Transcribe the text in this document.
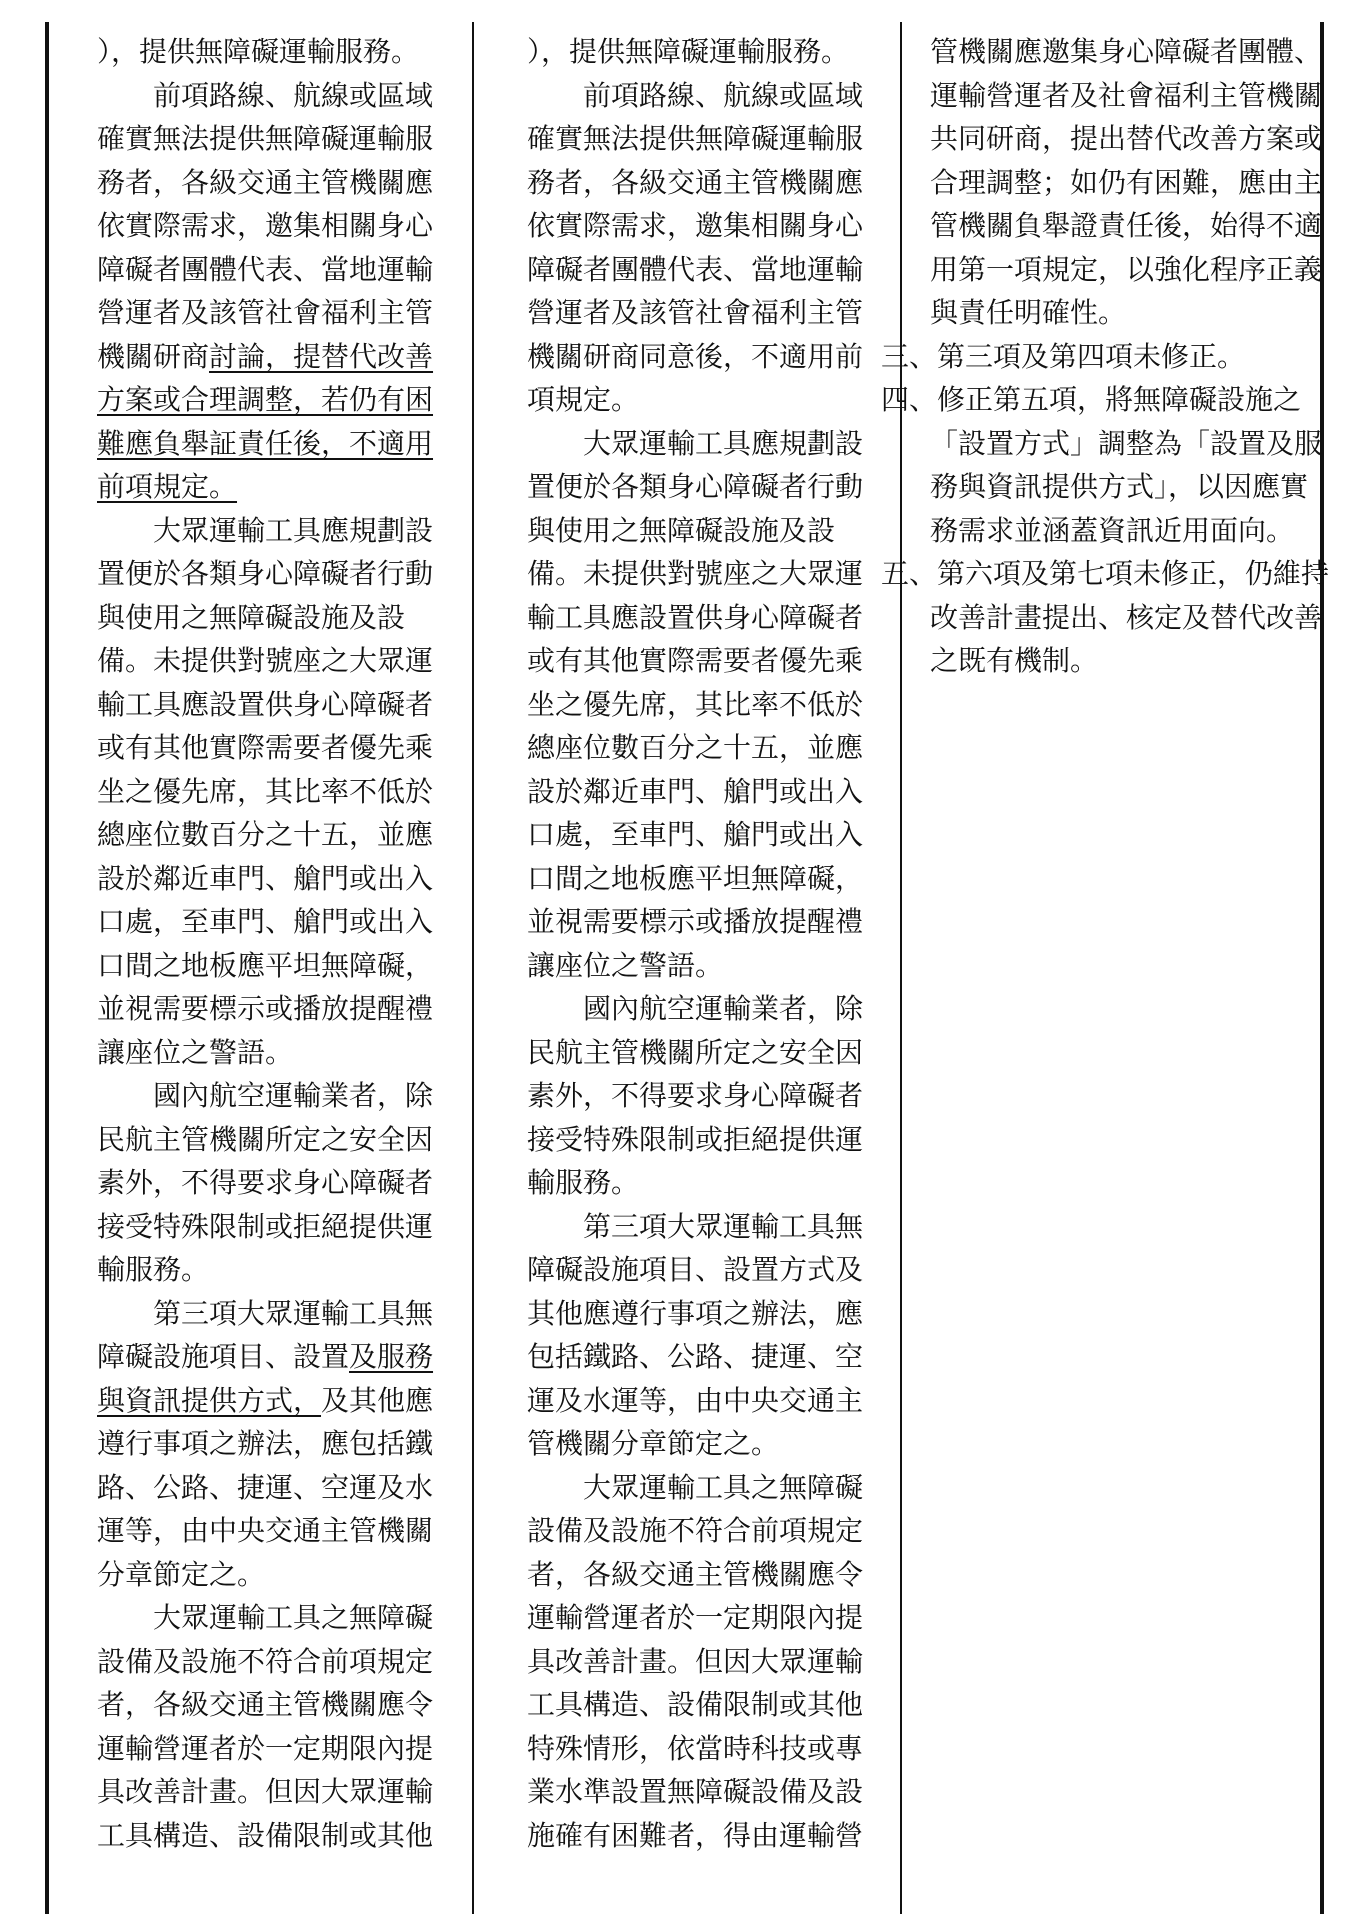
），提供無障礙運輸服務。

前項路線、航線或區域確實無法提供無障礙運輸服務者，各級交通主管機關應依實際需求，邀集相關身心障礙者團體代表、當地運輸營運者及該管社會福利主管機關研商討論，提替代改善方案或合理調整，若仍有困難應負舉証責任後，不適用前項規定。

大眾運輸工具應規劃設置便於各類身心障礙者行動與使用之無障礙設施及設備。未提供對號座之大眾運輸工具應設置供身心障礙者或有其他實際需要者優先乘坐之優先席，其比率不低於總座位數百分之十五，並應設於鄰近車門、艙門或出入口處，至車門、艙門或出入口間之地板應平坦無障礙，並視需要標示或播放提醒禮讓座位之警語。

國內航空運輸業者，除民航主管機關所定之安全因素外，不得要求身心障礙者接受特殊限制或拒絕提供運輸服務。

第三項大眾運輸工具無障礙設施項目、設置及服務與資訊提供方式，及其他應遵行事項之辦法，應包括鐵路、公路、捷運、空運及水運等，由中央交通主管機關分章節定之。

大眾運輸工具之無障礙設備及設施不符合前項規定者，各級交通主管機關應令運輸營運者於一定期限內提具改善計畫。但因大眾運輸工具構造、設備限制或其他

），提供無障礙運輸服務。

前項路線、航線或區域確實無法提供無障礙運輸服務者，各級交通主管機關應依實際需求，邀集相關身心障礙者團體代表、當地運輸營運者及該管社會福利主管機關研商同意後，不適用前項規定。

大眾運輸工具應規劃設置便於各類身心障礙者行動與使用之無障礙設施及設備。未提供對號座之大眾運輸工具應設置供身心障礙者或有其他實際需要者優先乘坐之優先席，其比率不低於總座位數百分之十五，並應設於鄰近車門、艙門或出入口處，至車門、艙門或出入口間之地板應平坦無障礙，並視需要標示或播放提醒禮讓座位之警語。

國內航空運輸業者，除民航主管機關所定之安全因素外，不得要求身心障礙者接受特殊限制或拒絕提供運輸服務。

第三項大眾運輸工具無障礙設施項目、設置方式及其他應遵行事項之辦法，應包括鐵路、公路、捷運、空運及水運等，由中央交通主管機關分章節定之。

大眾運輸工具之無障礙設備及設施不符合前項規定者，各級交通主管機關應令運輸營運者於一定期限內提具改善計畫。但因大眾運輸工具構造、設備限制或其他特殊情形，依當時科技或專業水準設置無障礙設備及設施確有困難者，得由運輸營

管機關應邀集身心障礙者團體、運輸營運者及社會福利主管機關共同研商，提出替代改善方案或合理調整；如仍有困難，應由主管機關負舉證責任後，始得不適用第一項規定，以強化程序正義與責任明確性。

三、第三項及第四項未修正。

四、修正第五項，將無障礙設施之「設置方式」調整為「設置及服務與資訊提供方式」，以因應實務需求並涵蓋資訊近用面向。

五、第六項及第七項未修正，仍維持改善計畫提出、核定及替代改善之既有機制。
